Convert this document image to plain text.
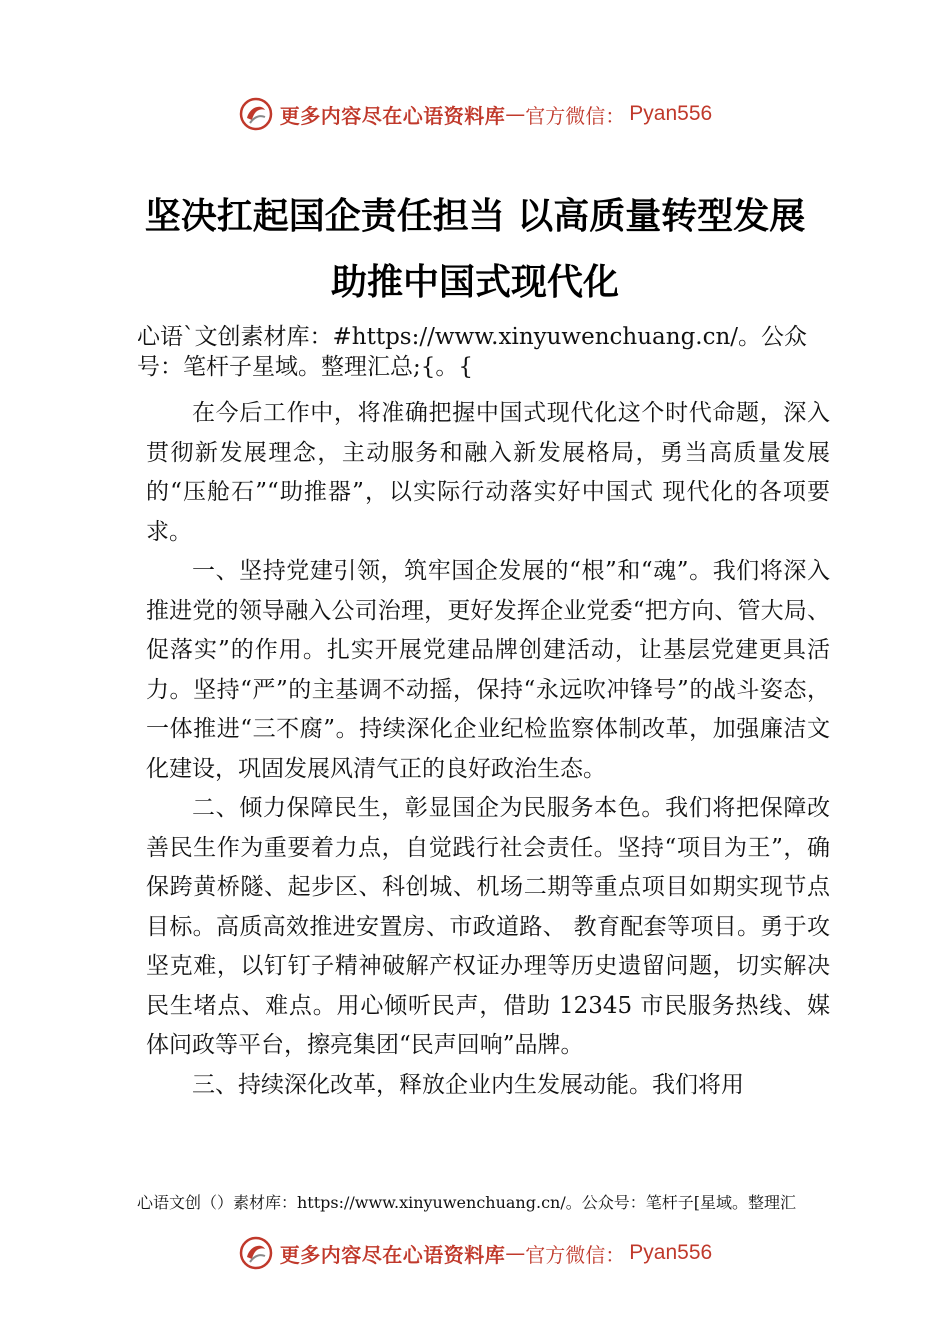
更多内容尽在心语资料库 — 官方微信： Pyan556
坚决扛起国企责任担当 以高质量转型发展
助推中国式现代化
心语`文创素材库：#https://www.xinyuwenchuang.cn/。公众号：笔杆子星域。整理汇总;{。{

在今后工作中，将准确把握中国式现代化这个时代命题，深入贯彻新发展理念，主动服务和融入新发展格局，勇当高质量发展的“压舱石”“助推器”，以实际行动落实好中国式 现代化的各项要求。

一、坚持党建引领，筑牢国企发展的“根”和“魂”。我们将深入推进党的领导融入公司治理，更好发挥企业党委“把方向、管大局、促落实”的作用。扎实开展党建品牌创建活动，让基层党建更具活力。坚持“严”的主基调不动摇，保持“永远吹冲锋号”的战斗姿态，一体推进“三不腐”。持续深化企业纪检监察体制改革，加强廉洁文化建设，巩固发展风清气正的良好政治生态。

二、倾力保障民生，彰显国企为民服务本色。我们将把保障改善民生作为重要着力点，自觉践行社会责任。坚持“项目为王”，确保跨黄桥隧、起步区、科创城、机场二期等重点项目如期实现节点目标。高质高效推进安置房、市政道路、 教育配套等项目。勇于攻坚克难，以钉钉子精神破解产权证办理等历史遗留问题，切实解决民生堵点、难点。用心倾听民声，借助 12345 市民服务热线、媒体问政等平台，擦亮集团“民声回响”品牌。

三、持续深化改革，释放企业内生发展动能。我们将用

心语文创（）素材库：https://www.xinyuwenchuang.cn/。公众号：笔杆子[星域。整理汇
更多内容尽在心语资料库 — 官方微信： Pyan556
